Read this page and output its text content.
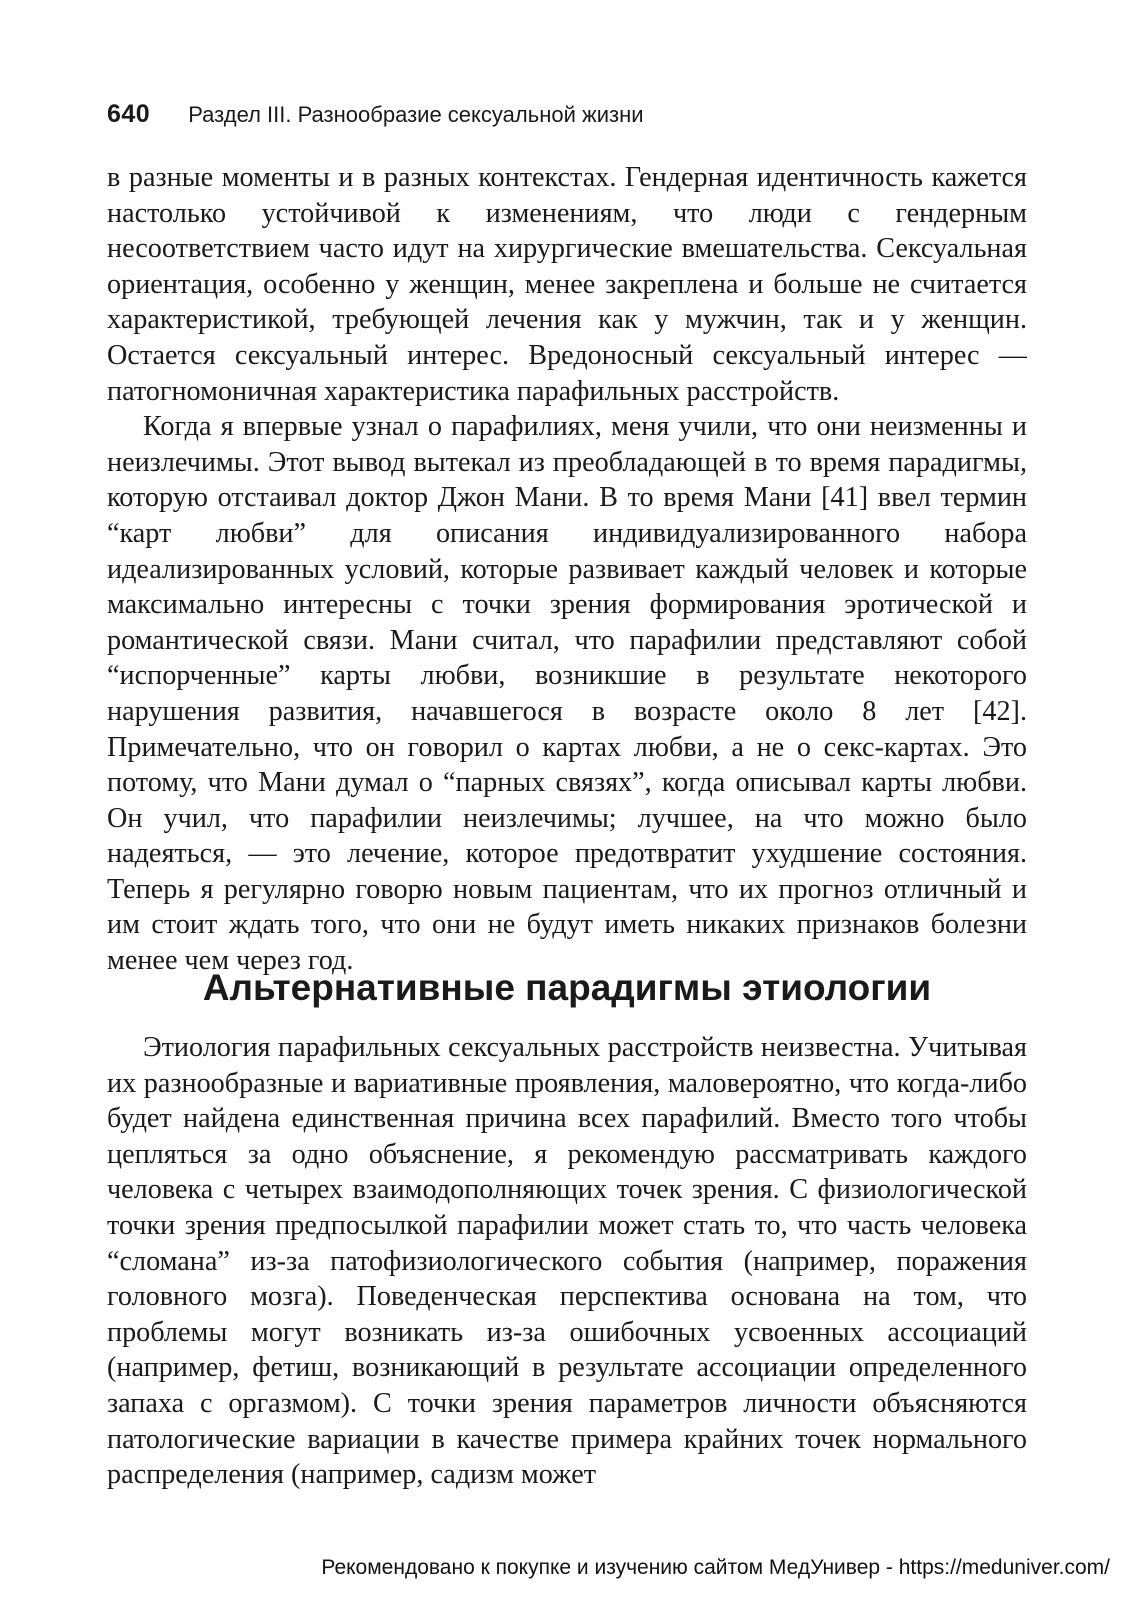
640 Раздел III. Разнообразие сексуальной жизни

в разные моменты и в разных контекстах. Гендерная идентичность кажется настолько устойчивой к изменениям, что люди с гендерным несоответствием часто идут на хирургические вмешательства. Сексуальная ориентация, особенно у женщин, менее закреплена и больше не считается характеристикой, требующей лечения как у мужчин, так и у женщин. Остается сексуальный интерес. Вредоносный сексуальный интерес — патогномоничная характеристика парафильных расстройств.

Когда я впервые узнал о парафилиях, меня учили, что они неизменны и неизлечимы. Этот вывод вытекал из преобладающей в то время парадигмы, которую отстаивал доктор Джон Мани. В то время Мани [41] ввел термин “карт любви” для описания индивидуализированного набора идеализированных условий, которые развивает каждый человек и которые максимально интересны с точки зрения формирования эротической и романтической связи. Мани считал, что парафилии представляют собой “испорченные” карты любви, возникшие в результате некоторого нарушения развития, начавшегося в возрасте около 8 лет [42]. Примечательно, что он говорил о картах любви, а не о секс-картах. Это потому, что Мани думал о “парных связях”, когда описывал карты любви. Он учил, что парафилии неизлечимы; лучшее, на что можно было надеяться, — это лечение, которое предотвратит ухудшение состояния. Теперь я регулярно говорю новым пациентам, что их прогноз отличный и им стоит ждать того, что они не будут иметь никаких признаков болезни менее чем через год.

Альтернативные парадигмы этиологии

Этиология парафильных сексуальных расстройств неизвестна. Учитывая их разнообразные и вариативные проявления, маловероятно, что когда-либо будет найдена единственная причина всех парафилий. Вместо того чтобы цепляться за одно объяснение, я рекомендую рассматривать каждого человека с четырех взаимодополняющих точек зрения. С физиологической точки зрения предпосылкой парафилии может стать то, что часть человека “сломана” из-за патофизиологического события (например, поражения головного мозга). Поведенческая перспектива основана на том, что проблемы могут возникать из-за ошибочных усвоенных ассоциаций (например, фетиш, возникающий в результате ассоциации определенного запаха с оргазмом). С точки зрения параметров личности объясняются патологические вариации в качестве примера крайних точек нормального распределения (например, садизм может

Рекомендовано к покупке и изучению сайтом МедУнивер - https://meduniver.com/
